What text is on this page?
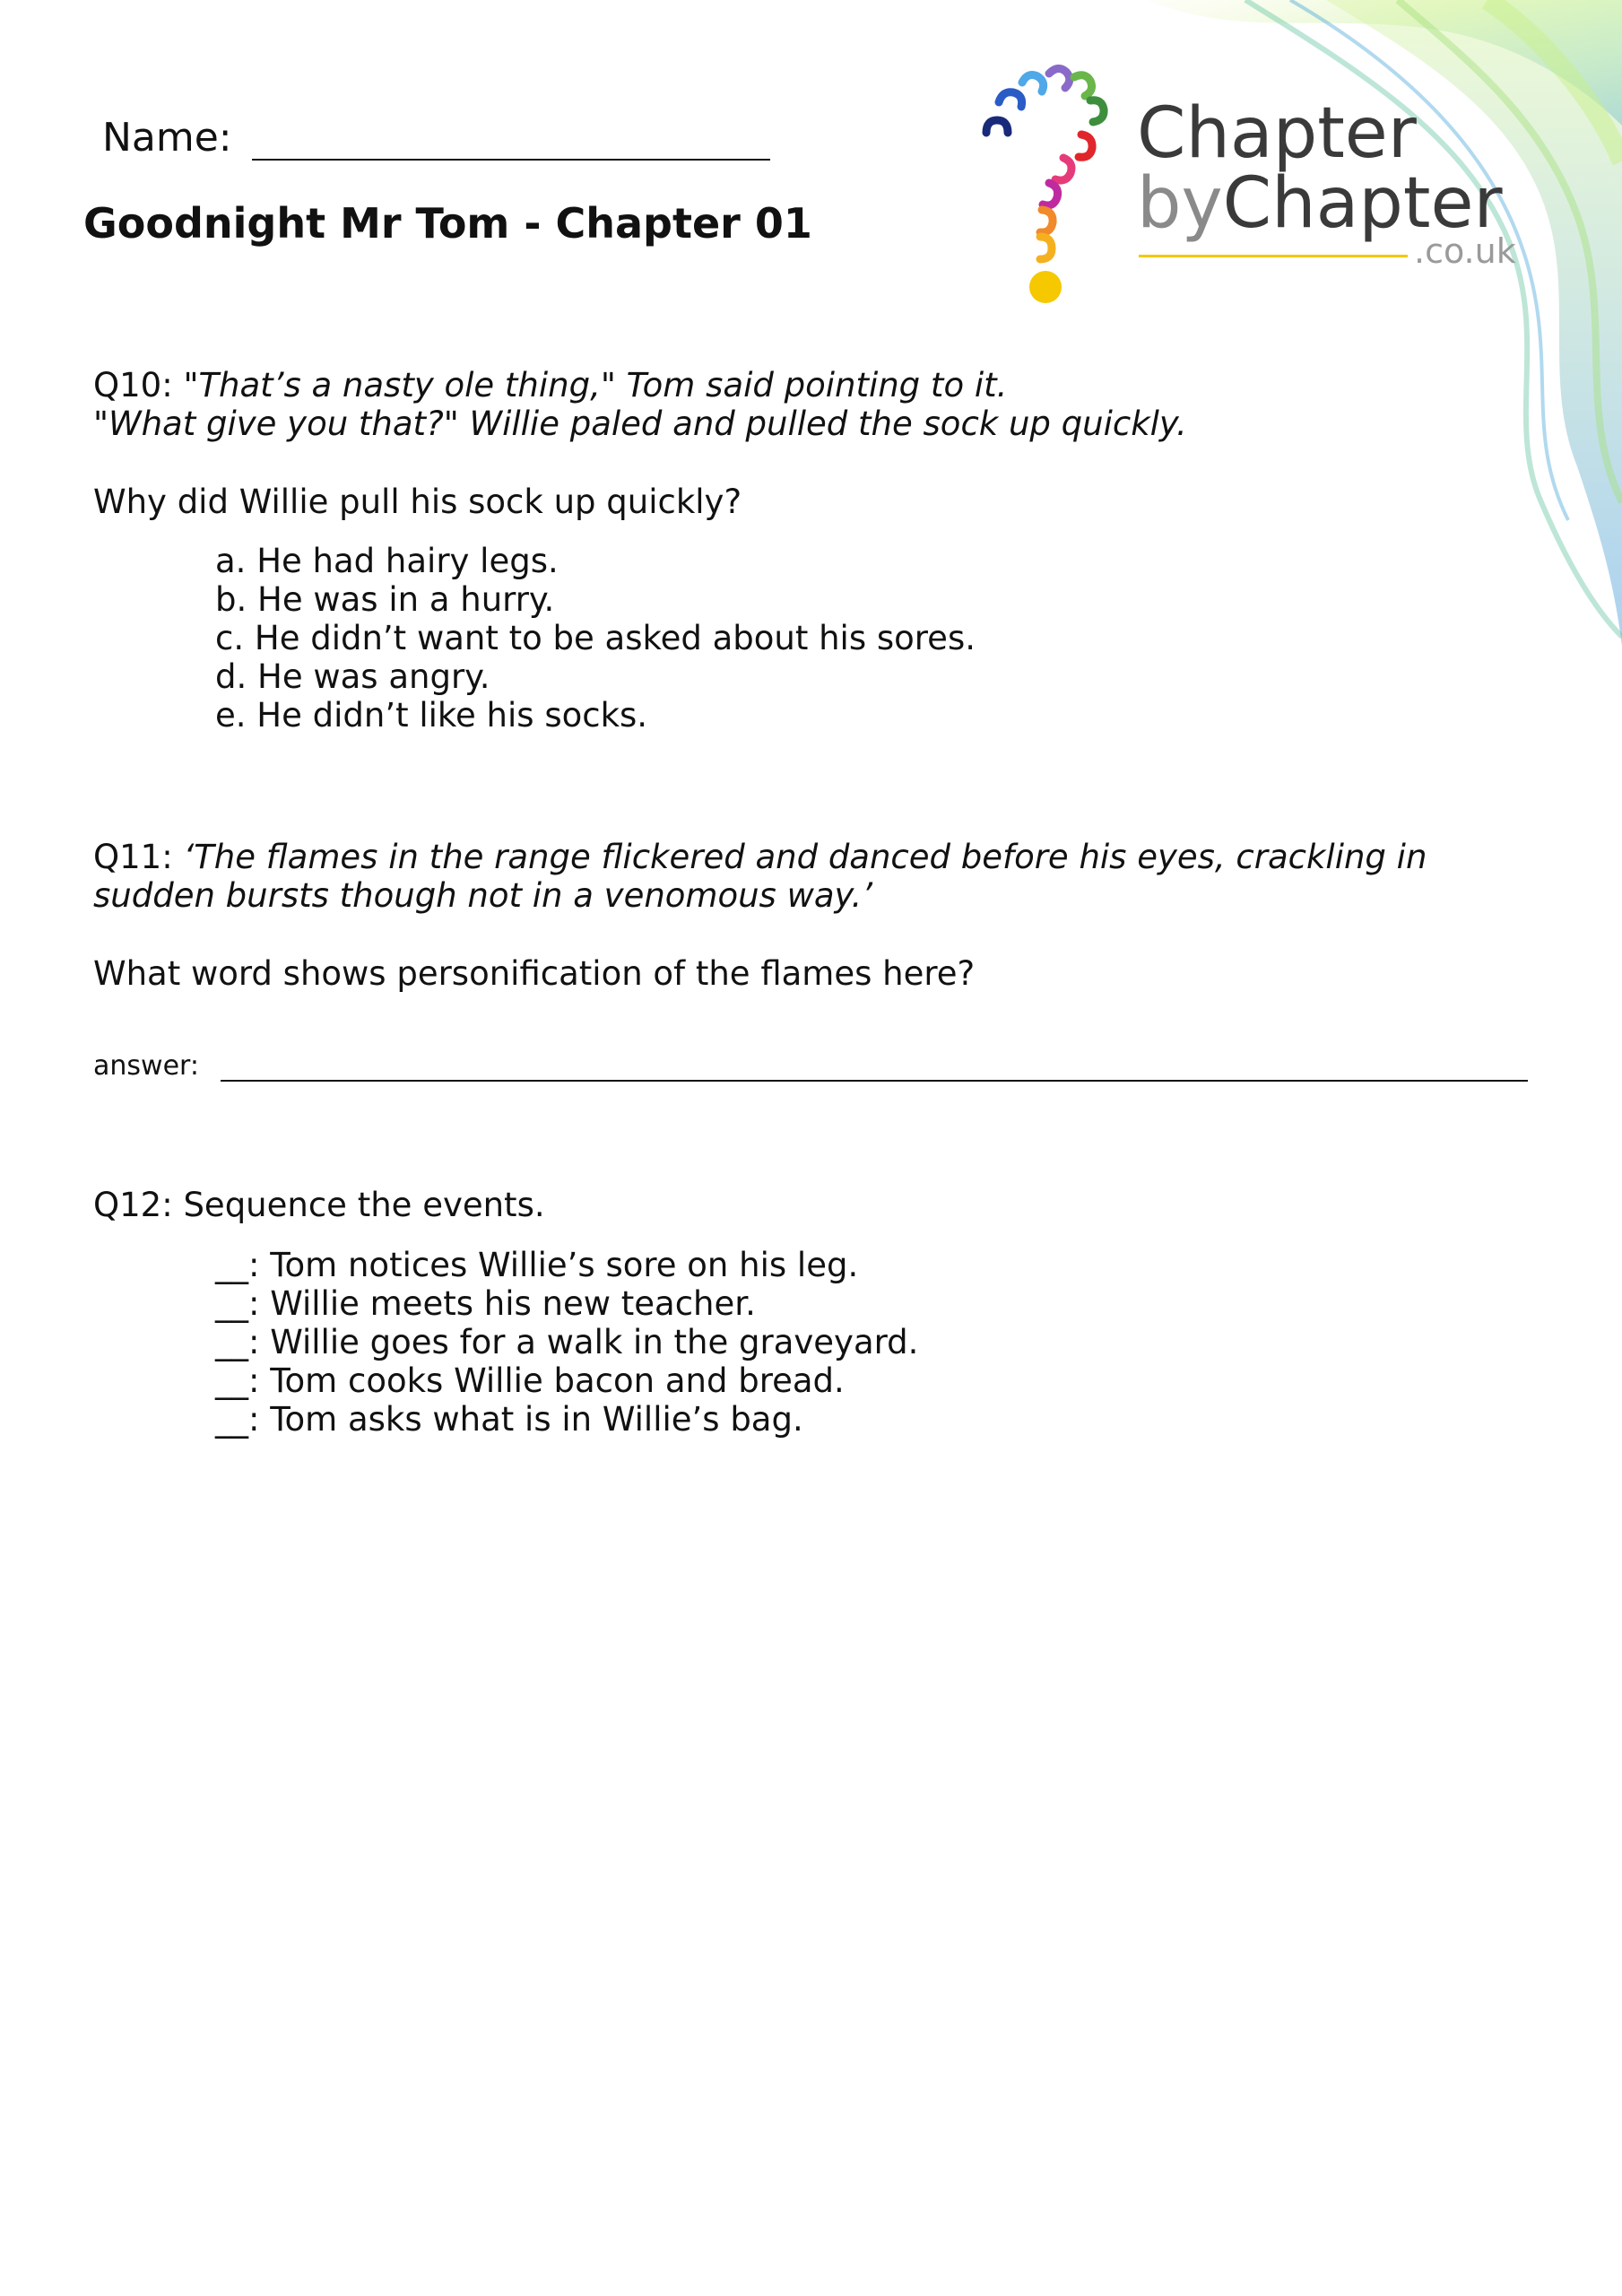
Name:
Goodnight Mr Tom - Chapter 01
Chapter
byChapter
.co.uk
Q10: "That’s a nasty ole thing," Tom said pointing to it.
"What give you that?" Willie paled and pulled the sock up quickly.
Why did Willie pull his sock up quickly?
a. He had hairy legs.
b. He was in a hurry.
c. He didn’t want to be asked about his sores.
d. He was angry.
e. He didn’t like his socks.
Q11: ‘The flames in the range flickered and danced before his eyes, crackling in
sudden bursts though not in a venomous way.’
What word shows personification of the flames here?
answer:
Q12: Sequence the events.
__: Tom notices Willie’s sore on his leg.
__: Willie meets his new teacher.
__: Willie goes for a walk in the graveyard.
__: Tom cooks Willie bacon and bread.
__: Tom asks what is in Willie’s bag.
